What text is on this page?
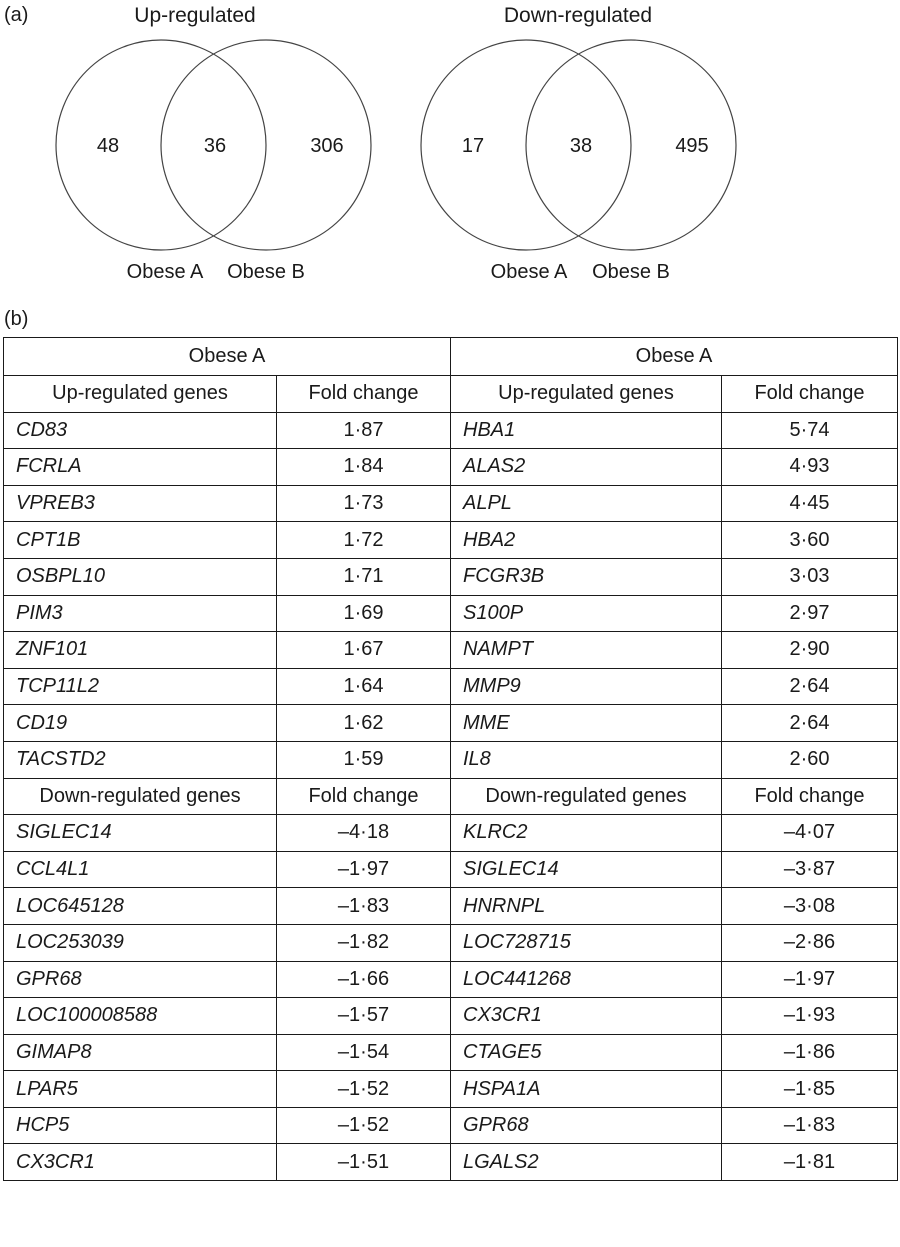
(a)	Up-regulated
48	36	306
Obese A Obese B
Down-regulated
17	38	495
Obese A Obese B
(b)
Obese A		Obese A	
Up-regulated genes	Fold change	Up-regulated genes	Fold change
CD83	1·87	HBA1	5·74
FCRLA	1·84	ALAS2	4·93
VPREB3	1·73	ALPL	4·45
CPT1B	1·72	HBA2	3·60
OSBPL10	1·71	FCGR3B	3·03
PIM3	1·69	S100P	2·97
ZNF101	1·67	NAMPT	2·90
TCP11L2	1·64	MMP9	2·64
CD19	1·62	MME	2·64
TACSTD2	1·59	IL8	2·60
Down-regulated genes	Fold change	Down-regulated genes	Fold change
SIGLEC14	–4·18	KLRC2	–4·07
CCL4L1	–1·97	SIGLEC14	–3·87
LOC645128	–1·83	HNRNPL	–3·08
LOC253039	–1·82	LOC728715	–2·86
GPR68	–1·66	LOC441268	–1·97
LOC100008588	–1·57	CX3CR1	–1·93
GIMAP8	–1·54	CTAGE5	–1·86
LPAR5	–1·52	HSPA1A	–1·85
HCP5	–1·52	GPR68	–1·83
CX3CR1	–1·51	LGALS2	–1·81
